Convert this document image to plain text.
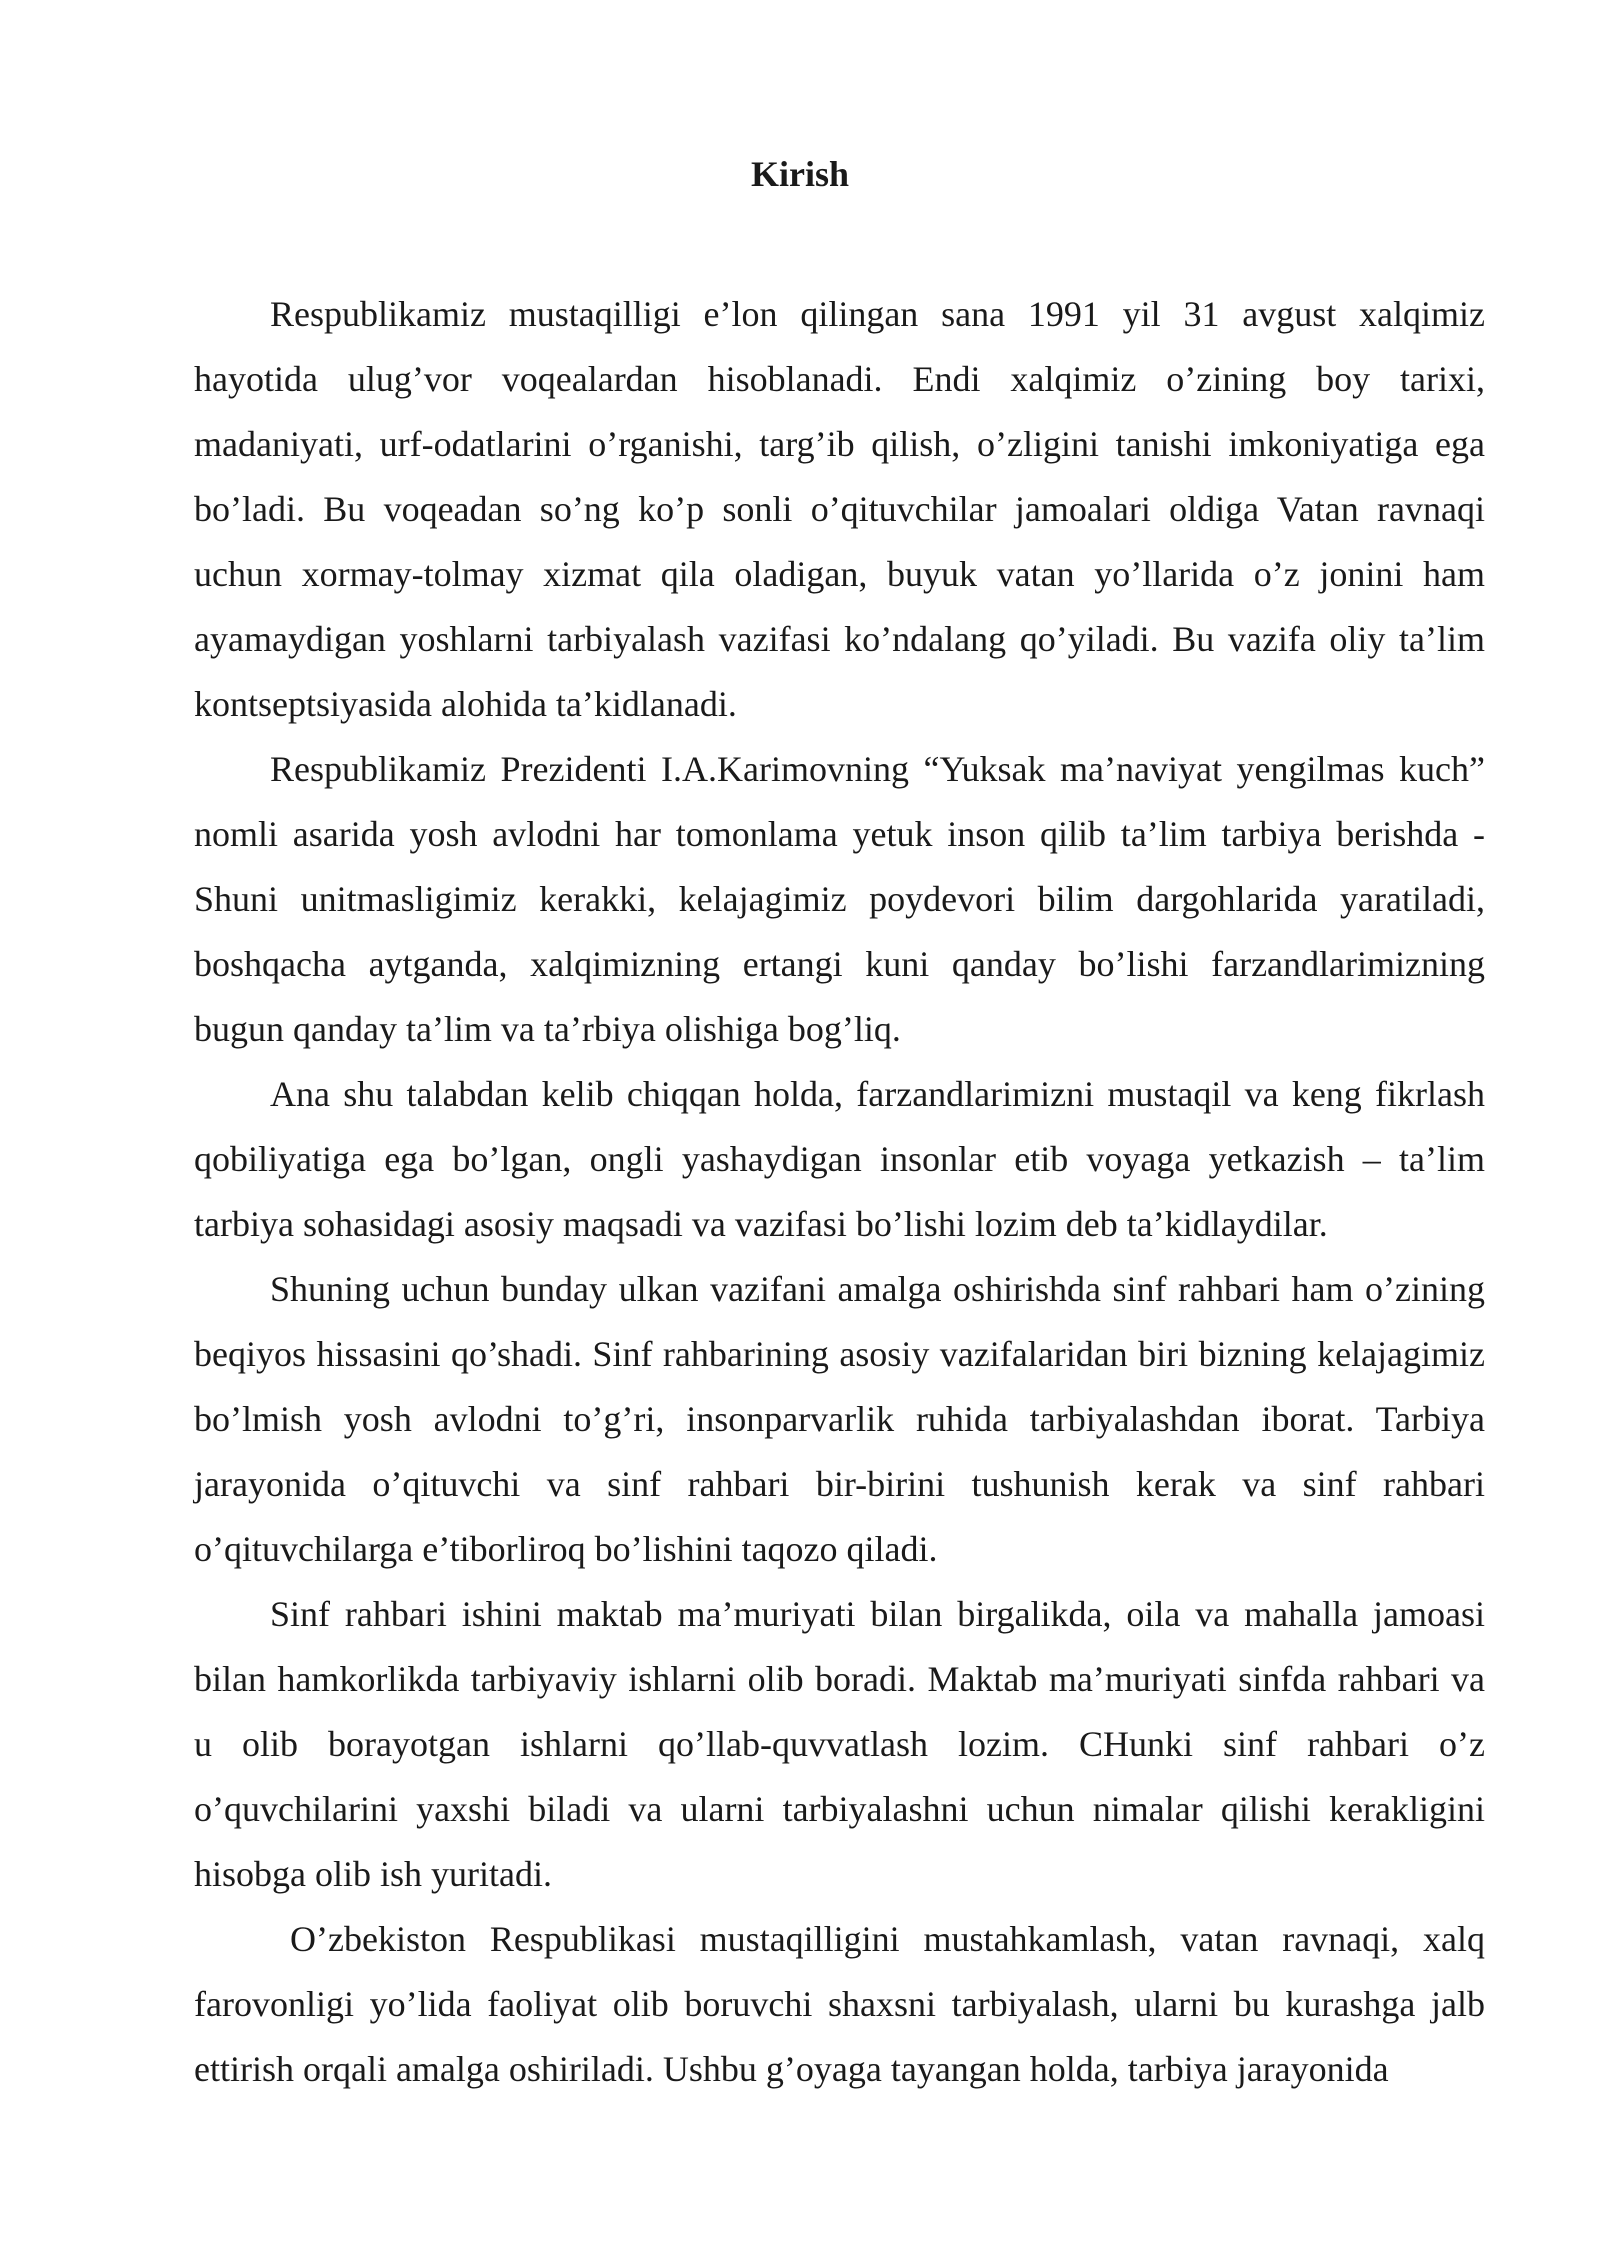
Kirish

Respublikamiz mustaqilligi e’lon qilingan sana 1991 yil 31 avgust xalqimiz hayotida ulug’vor voqealardan hisoblanadi. Endi xalqimiz o’zining boy tarixi, madaniyati, urf-odatlarini o’rganishi, targ’ib qilish, o’zligini tanishi imkoniyatiga ega bo’ladi. Bu voqeadan so’ng ko’p sonli o’qituvchilar jamoalari oldiga Vatan ravnaqi uchun xormay-tolmay xizmat qila oladigan, buyuk vatan yo’llarida o’z jonini ham ayamaydigan yoshlarni tarbiyalash vazifasi ko’ndalang qo’yiladi. Bu vazifa oliy ta’lim kontseptsiyasida alohida ta’kidlanadi.

Respublikamiz Prezidenti I.A.Karimovning “Yuksak ma’naviyat yengilmas kuch” nomli asarida yosh avlodni har tomonlama yetuk inson qilib ta’lim tarbiya berishda - Shuni unitmasligimiz kerakki, kelajagimiz poydevori bilim dargohlarida yaratiladi, boshqacha aytganda, xalqimizning ertangi kuni qanday bo’lishi farzandlarimizning bugun qanday ta’lim va ta’rbiya olishiga bog’liq.

Ana shu talabdan kelib chiqqan holda, farzandlarimizni mustaqil va keng fikrlash qobiliyatiga ega bo’lgan, ongli yashaydigan insonlar etib voyaga yetkazish – ta’lim tarbiya sohasidagi asosiy maqsadi va vazifasi bo’lishi lozim deb ta’kidlaydilar.

Shuning uchun bunday ulkan vazifani amalga oshirishda sinf rahbari ham o’zining beqiyos hissasini qo’shadi. Sinf rahbarining asosiy vazifalaridan biri bizning kelajagimiz bo’lmish yosh avlodni to’g’ri, insonparvarlik ruhida tarbiyalashdan iborat. Tarbiya jarayonida o’qituvchi va sinf rahbari bir-birini tushunish kerak va sinf rahbari o’qituvchilarga e’tiborliroq bo’lishini taqozo qiladi.

Sinf rahbari ishini maktab ma’muriyati bilan birgalikda, oila va mahalla jamoasi bilan hamkorlikda tarbiyaviy ishlarni olib boradi. Maktab ma’muriyati sinfda rahbari va u olib borayotgan ishlarni qo’llab-quvvatlash lozim. CHunki sinf rahbari o’z o’quvchilarini yaxshi biladi va ularni tarbiyalashni uchun nimalar qilishi kerakligini hisobga olib ish yuritadi.

O’zbekiston Respublikasi mustaqilligini mustahkamlash, vatan ravnaqi, xalq farovonligi yo’lida faoliyat olib boruvchi shaxsni tarbiyalash, ularni bu kurashga jalb ettirish orqali amalga oshiriladi. Ushbu g’oyaga tayangan holda, tarbiya jarayonida
